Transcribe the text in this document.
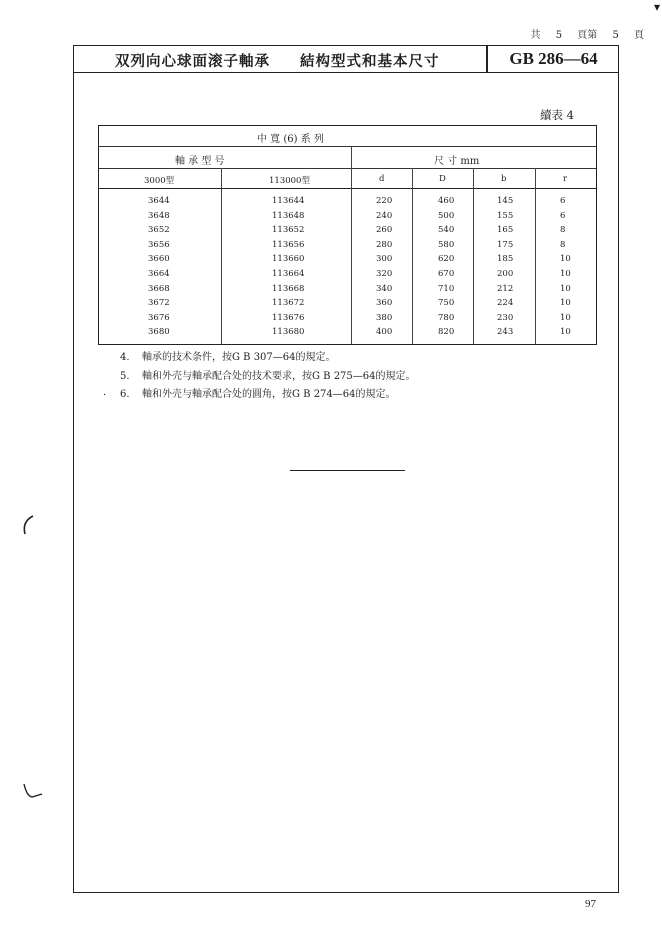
▾
共 5 頁第 5 頁
双列向心球面滚子軸承 結构型式和基本尺寸	GB 286—64
續表 4
中 寬 (6) 系 列
軸 承 型 号	尺 寸 mm
3000型	113000型	d	D	b	r
3644	113644	220	460	145	6
3648	113648	240	500	155	6
3652	113652	260	540	165	8
3656	113656	280	580	175	8
3660	113660	300	620	185	10
3664	113664	320	670	200	10
3668	113668	340	710	212	10
3672	113672	360	750	224	10
3676	113676	380	780	230	10
3680	113680	400	820	243	10
·
4. 軸承的技术条件，按G B 307—64的規定。
5. 軸和外壳与軸承配合处的技术要求，按G B 275—64的規定。
6. 軸和外壳与軸承配合处的圓角，按G B 274—64的規定。
97
